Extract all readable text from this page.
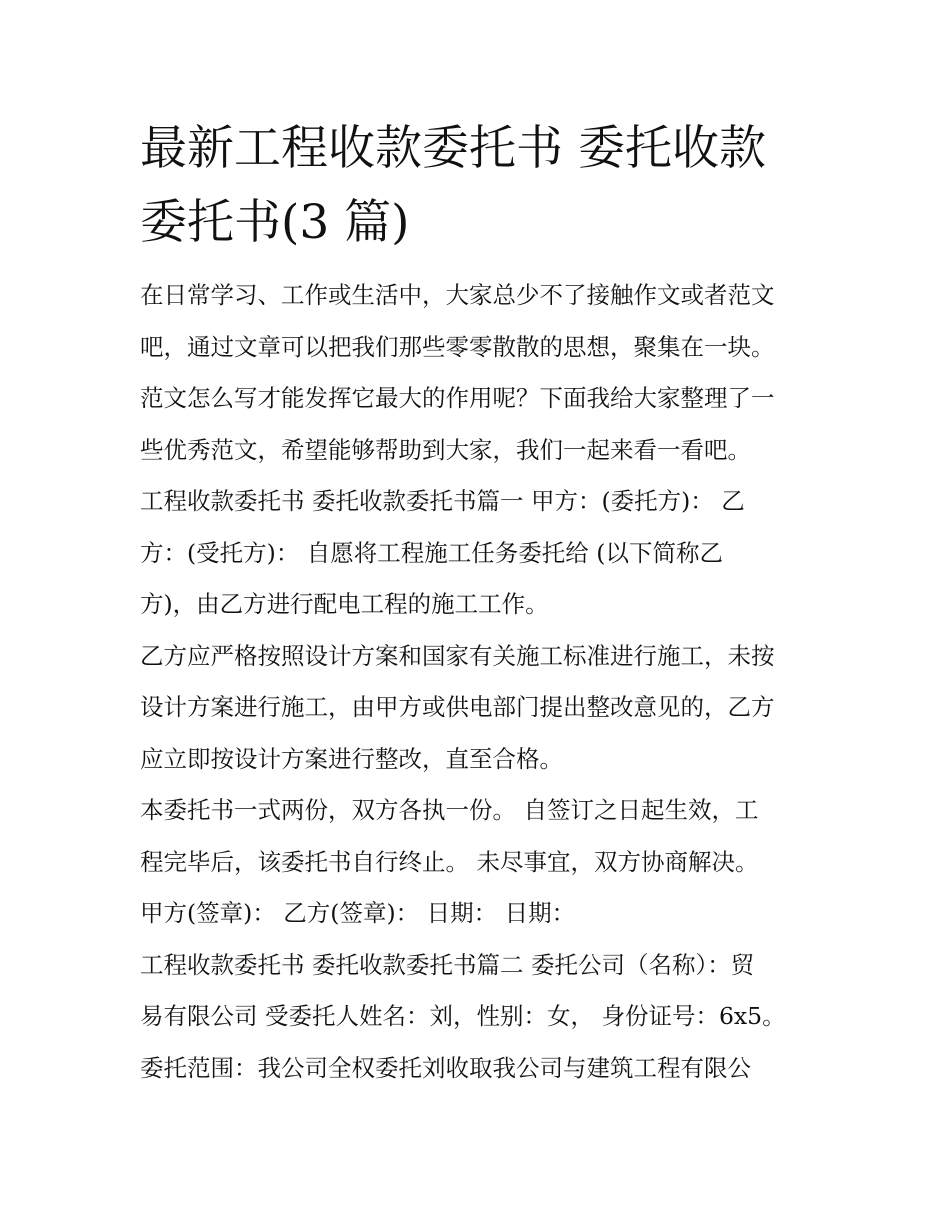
最新工程收款委托书 委托收款
委托书(3 篇)
在日常学习、工作或生活中，大家总少不了接触作文或者范文
吧，通过文章可以把我们那些零零散散的思想，聚集在一块。
范文怎么写才能发挥它最大的作用呢？下面我给大家整理了一
些优秀范文，希望能够帮助到大家，我们一起来看一看吧。
工程收款委托书 委托收款委托书篇一 甲方：(委托方)： 乙
方：(受托方)： 自愿将工程施工任务委托给 (以下简称乙
方)，由乙方进行配电工程的施工工作。
乙方应严格按照设计方案和国家有关施工标准进行施工，未按
设计方案进行施工，由甲方或供电部门提出整改意见的，乙方
应立即按设计方案进行整改，直至合格。
本委托书一式两份，双方各执一份。 自签订之日起生效，工
程完毕后，该委托书自行终止。 未尽事宜，双方协商解决。
甲方(签章)： 乙方(签章)： 日期： 日期：
工程收款委托书 委托收款委托书篇二 委托公司（名称）：贸
易有限公司 受委托人姓名：刘，性别：女， 身份证号：6x5。
委托范围：我公司全权委托刘收取我公司与建筑工程有限公
